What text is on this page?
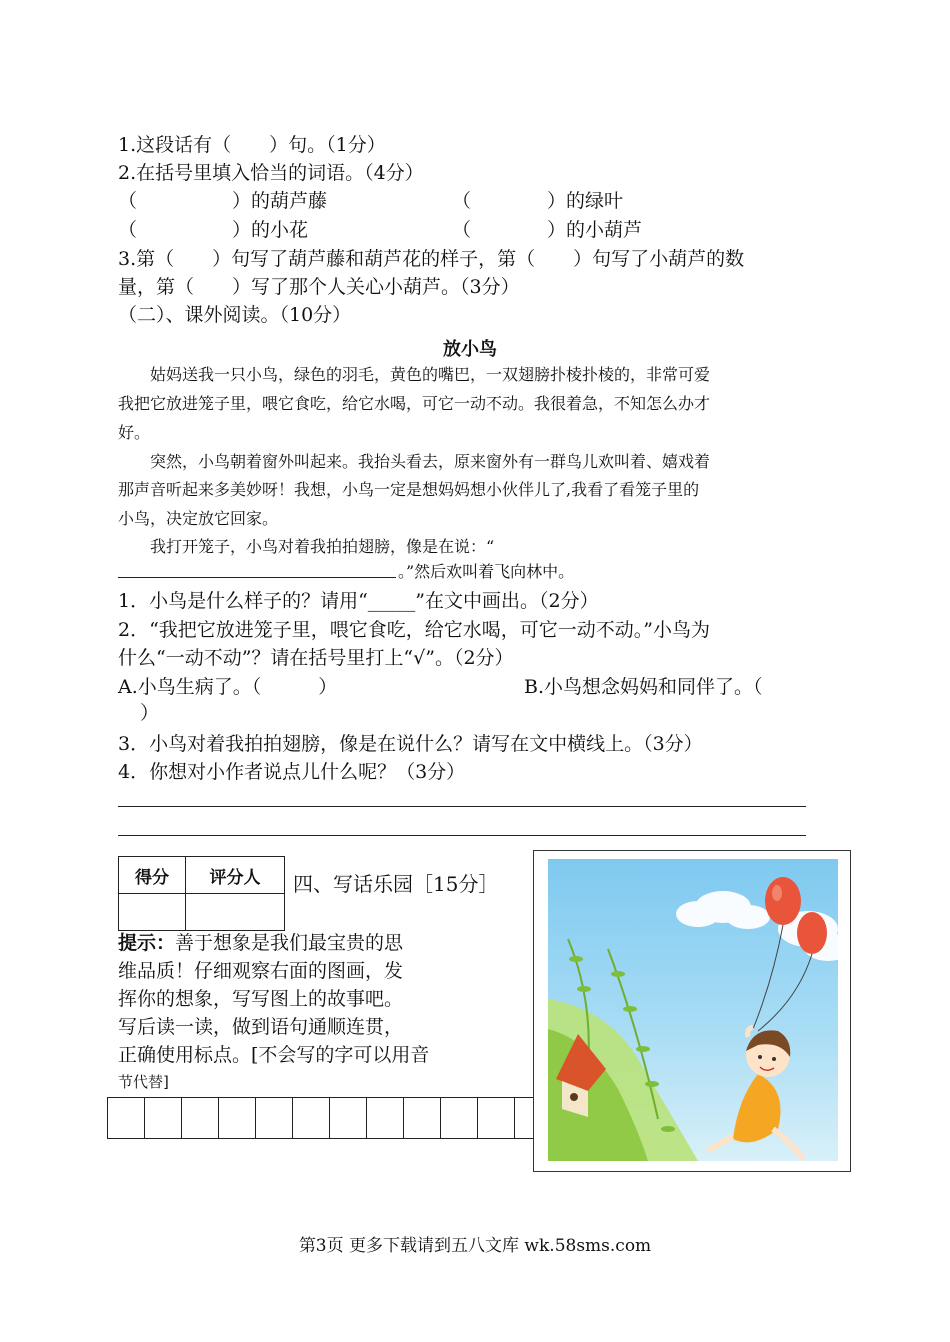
1.这段话有（　　）句。（1分）
2.在括号里填入恰当的词语。（4分）
（　　　　　）的葫芦藤	（　　　　）的绿叶
（　　　　　）的小花	（　　　　）的小葫芦
3.第（　　）句写了葫芦藤和葫芦花的样子，第（　　）句写了小葫芦的数
量，第（　　）写了那个人关心小葫芦。（3分）
（二）、课外阅读。（10分）
放小鸟
　　姑妈送我一只小鸟，绿色的羽毛，黄色的嘴巴，一双翅膀扑棱扑棱的，非常可爱
我把它放进笼子里，喂它食吃，给它水喝，可它一动不动。我很着急，不知怎么办才
好。
　　突然，小鸟朝着窗外叫起来。我抬头看去，原来窗外有一群鸟儿欢叫着、嬉戏着
那声音听起来多美妙呀！我想，小鸟一定是想妈妈想小伙伴儿了,我看了看笼子里的
小鸟，决定放它回家。
　　我打开笼子，小鸟对着我拍拍翅膀，像是在说：“
。”然后欢叫着飞向林中。
1．小鸟是什么样子的？请用“_____”在文中画出。（2分）
2．“我把它放进笼子里，喂它食吃，给它水喝，可它一动不动。”小鸟为
什么“一动不动”？请在括号里打上“√”。（2分）
A.小鸟生病了。（　　　）	B.小鸟想念妈妈和同伴了。（
）
3．小鸟对着我拍拍翅膀，像是在说什么？请写在文中横线上。（3分）
4．你想对小作者说点儿什么呢？（3分）
得分	评分人
	四、写话乐园［15分］
提示：善于想象是我们最宝贵的思
维品质！仔细观察右面的图画，发
挥你的想象，写写图上的故事吧。
写后读一读，做到语句通顺连贯，
正确使用标点。[不会写的字可以用音
节代替]
第3页 更多下载请到五八文库 wk.58sms.com
